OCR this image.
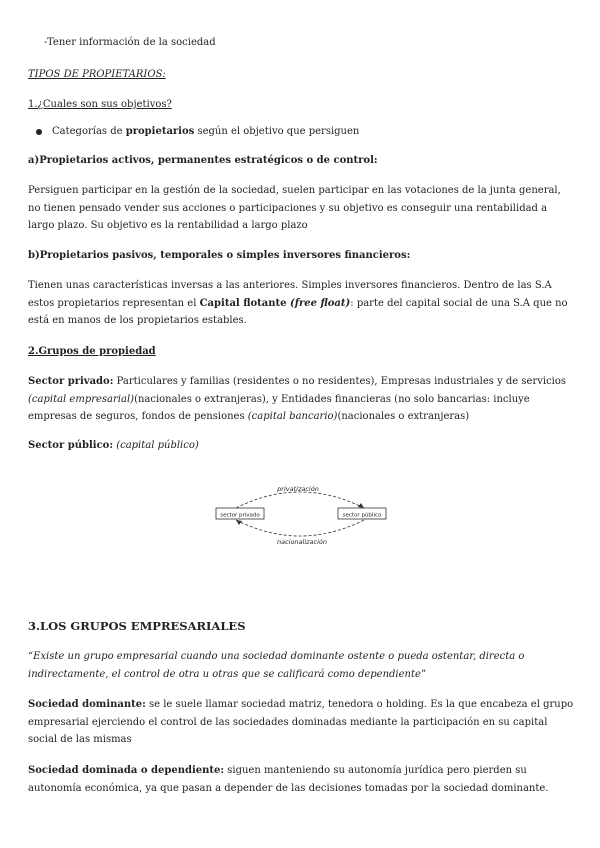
-Tener información de la sociedad

TIPOS DE PROPIETARIOS:

1.¿Cuales son sus objetivos?

Categorías de propietarios según el objetivo que persiguen

a)Propietarios activos, permanentes estratégicos o de control:

Persiguen participar en la gestión de la sociedad, suelen participar en las votaciones de la junta general, no tienen pensado vender sus acciones o participaciones y su objetivo es conseguir una rentabilidad a largo plazo. Su objetivo es la rentabilidad a largo plazo

b)Propietarios pasivos, temporales o simples inversores financieros:

Tienen unas características inversas a las anteriores. Simples inversores financieros. Dentro de las S.A estos propietarios representan el Capital flotante (free float): parte del capital social de una S.A que no está en manos de los propietarios estables.

2.Grupos de propiedad

Sector privado: Particulares y familias (residentes o no residentes), Empresas industriales y de servicios (capital empresarial)(nacionales o extranjeras), y Entidades financieras (no solo bancarias: incluye empresas de seguros, fondos de pensiones (capital bancario)(nacionales o extranjeras)

Sector público: (capital público)

sector privado	sector público
privatización
nacionalización

3.LOS GRUPOS EMPRESARIALES

“Existe un grupo empresarial cuando una sociedad dominante ostente o pueda ostentar, directa o indirectamente, el control de otra u otras que se calificará como dependiente”

Sociedad dominante: se le suele llamar sociedad matriz, tenedora o holding. Es la que encabeza el grupo empresarial ejerciendo el control de las sociedades dominadas mediante la participación en su capital social de las mismas

Sociedad dominada o dependiente: siguen manteniendo su autonomía jurídica pero pierden su autonomía económica, ya que pasan a depender de las decisiones tomadas por la sociedad dominante.
